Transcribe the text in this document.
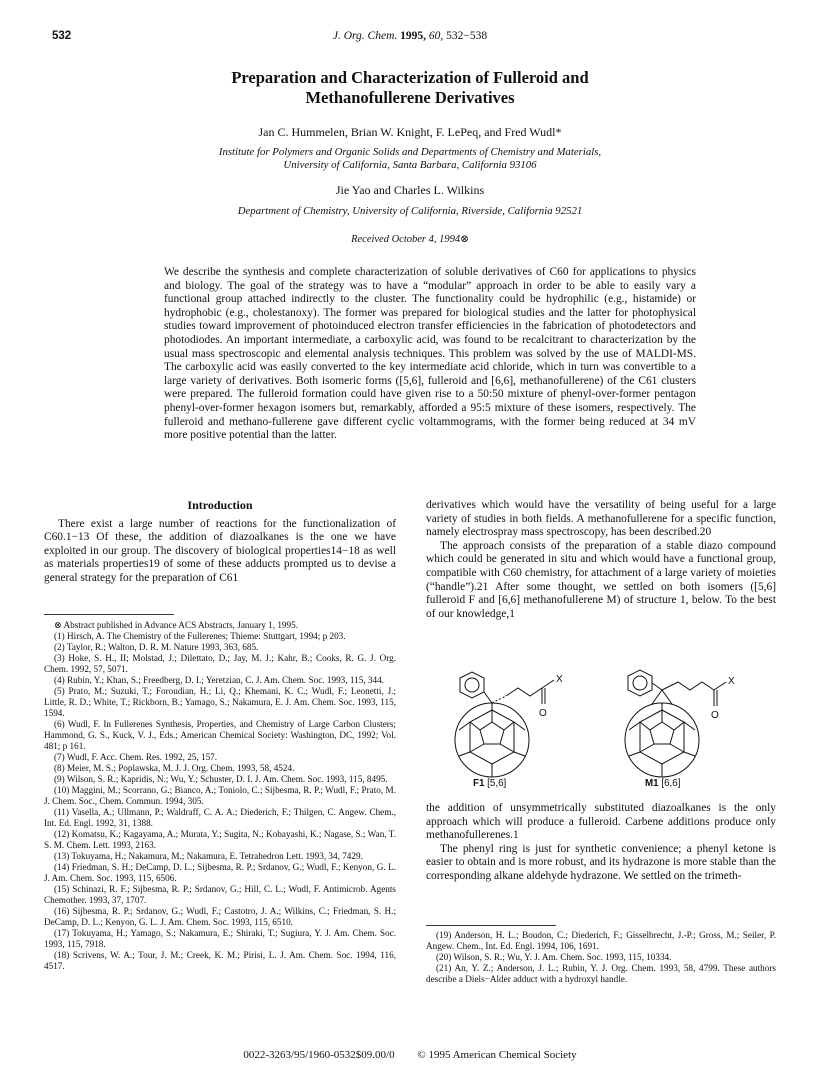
532	J. Org. Chem. 1995, 60, 532−538
Preparation and Characterization of Fulleroid and
Methanofullerene Derivatives
Jan C. Hummelen, Brian W. Knight, F. LePeq, and Fred Wudl*
Institute for Polymers and Organic Solids and Departments of Chemistry and Materials,
University of California, Santa Barbara, California 93106
Jie Yao and Charles L. Wilkins
Department of Chemistry, University of California, Riverside, California 92521
Received October 4, 1994⊗

We describe the synthesis and complete characterization of soluble derivatives of C60 for applications to physics and biology. The goal of the strategy was to have a “modular” approach in order to be able to easily vary a functional group attached indirectly to the cluster. The functionality could be hydrophilic (e.g., histamide) or hydrophobic (e.g., cholestanoxy). The former was prepared for biological studies and the latter for photophysical studies toward improvement of photoinduced electron transfer efficiencies in the fabrication of photodetectors and photodiodes. An important intermediate, a carboxylic acid, was found to be recalcitrant to characterization by the usual mass spectroscopic and elemental analysis techniques. This problem was solved by the use of MALDI-MS. The carboxylic acid was easily converted to the key intermediate acid chloride, which in turn was convertible to a large variety of derivatives. Both isomeric forms ([5,6], fulleroid and [6,6], methanofullerene) of the C61 clusters were prepared. The fulleroid formation could have given rise to a 50:50 mixture of phenyl-over-former pentagon phenyl-over-former hexagon isomers but, remarkably, afforded a 95:5 mixture of these isomers, respectively. The fulleroid and methano-fullerene gave different cyclic voltammograms, with the former being reduced at 34 mV more positive potential than the latter.

Introduction

There exist a large number of reactions for the functionalization of C60.1−13 Of these, the addition of diazoalkanes is the one we have exploited in our group. The discovery of biological properties14−18 as well as materials properties19 of some of these adducts prompted us to devise a general strategy for the preparation of C61

⊗ Abstract published in Advance ACS Abstracts, January 1, 1995.

(1) Hirsch, A. The Chemistry of the Fullerenes; Thieme: Stuttgart, 1994; p 203.

(2) Taylor, R.; Walton, D. R. M. Nature 1993, 363, 685.

(3) Hoke, S. H., II; Molstad, J.; Dilettato, D.; Jay, M. J.; Kahr, B.; Cooks, R. G. J. Org. Chem. 1992, 57, 5071.

(4) Rubin, Y.; Khan, S.; Freedberg, D. I.; Yeretzian, C. J. Am. Chem. Soc. 1993, 115, 344.

(5) Prato, M.; Suzuki, T.; Foroudian, H.; Li, Q.; Khemani, K. C.; Wudl, F.; Leonetti, J.; Little, R. D.; White, T.; Rickborn, B.; Yamago, S.; Nakamura, E. J. Am. Chem. Soc. 1993, 115, 1594.

(6) Wudl, F. In Fullerenes Synthesis, Properties, and Chemistry of Large Carbon Clusters; Hammond, G. S., Kuck, V. J., Eds.; American Chemical Society: Washington, DC, 1992; Vol. 481; p 161.

(7) Wudl, F. Acc. Chem. Res. 1992, 25, 157.

(8) Meier, M. S.; Poplawska, M. J. J. Org. Chem. 1993, 58, 4524.

(9) Wilson, S. R.; Kapridis, N.; Wu, Y.; Schuster, D. I. J. Am. Chem. Soc. 1993, 115, 8495.

(10) Maggini, M.; Scorrano, G.; Bianco, A.; Toniolo, C.; Sijbesma, R. P.; Wudl, F.; Prato, M. J. Chem. Soc., Chem. Commun. 1994, 305.

(11) Vasella, A.; Ullmann, P.; Waldraff, C. A. A.; Diederich, F.; Thilgen, C. Angew. Chem., Int. Ed. Engl. 1992, 31, 1388.

(12) Komatsu, K.; Kagayama, A.; Murata, Y.; Sugita, N.; Kobayashi, K.; Nagase, S.; Wan, T. S. M. Chem. Lett. 1993, 2163.

(13) Tokuyama, H.; Nakamura, M.; Nakamura, E. Tetrahedron Lett. 1993, 34, 7429.

(14) Friedman, S. H.; DeCamp, D. L.; Sijbesma, R. P.; Srdanov, G.; Wudl, F.; Kenyon, G. L. J. Am. Chem. Soc. 1993, 115, 6506.

(15) Schinazi, R. F.; Sijbesma, R. P.; Srdanov, G.; Hill, C. L.; Wudl, F. Antimicrob. Agents Chemother. 1993, 37, 1707.

(16) Sijbesma, R. P.; Srdanov, G.; Wudl, F.; Castotro, J. A.; Wilkins, C.; Friedman, S. H.; DeCamp, D. L.; Kenyon, G. L. J. Am. Chem. Soc. 1993, 115, 6510.

(17) Tokuyama, H.; Yamago, S.; Nakamura, E.; Shiraki, T.; Sugiura, Y. J. Am. Chem. Soc. 1993, 115, 7918.

(18) Scrivens, W. A.; Tour, J. M.; Creek, K. M.; Pirisi, L. J. Am. Chem. Soc. 1994, 116, 4517.

derivatives which would have the versatility of being useful for a large variety of studies in both fields. A methanofullerene for a specific function, namely electrospray mass spectroscopy, has been described.20

The approach consists of the preparation of a stable diazo compound which could be generated in situ and which would have a functional group, compatible with C60 chemistry, for attachment of a large variety of moieties (“handle”).21 After some thought, we settled on both isomers ([5,6] fulleroid F and [6,6] methanofullerene M) of structure 1, below. To the best of our knowledge,1

X
O
X
O
F1 [5,6]	M1 [6,6]

the addition of unsymmetrically substituted diazoalkanes is the only approach which will produce a fulleroid. Carbene additions produce only methanofullerenes.1

The phenyl ring is just for synthetic convenience; a phenyl ketone is easier to obtain and is more robust, and its hydrazone is more stable than the corresponding alkane aldehyde hydrazone. We settled on the trimeth-

(19) Anderson, H. L.; Boudon, C.; Diederich, F.; Gisselbrecht, J.-P.; Gross, M.; Seiler, P. Angew. Chem., Int. Ed. Engl. 1994, 106, 1691.

(20) Wilson, S. R.; Wu, Y. J. Am. Chem. Soc. 1993, 115, 10334.

(21) An, Y. Z.; Anderson, J. L.; Rubin, Y. J. Org. Chem. 1993, 58, 4799. These authors describe a Diels−Alder adduct with a hydroxyl handle.

0022-3263/95/1960-0532$09.00/0 © 1995 American Chemical Society
